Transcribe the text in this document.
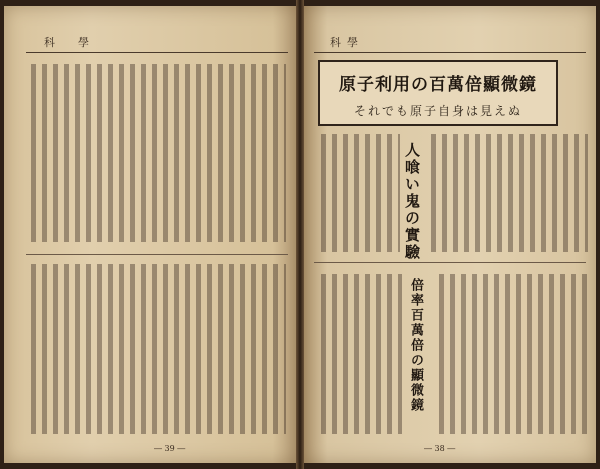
科　學
― 39 ―
科學
原子利用の百萬倍顯微鏡
それでも原子自身は見えぬ
人喰い鬼の實驗
倍率百萬倍の顯微鏡
― 38 ―
